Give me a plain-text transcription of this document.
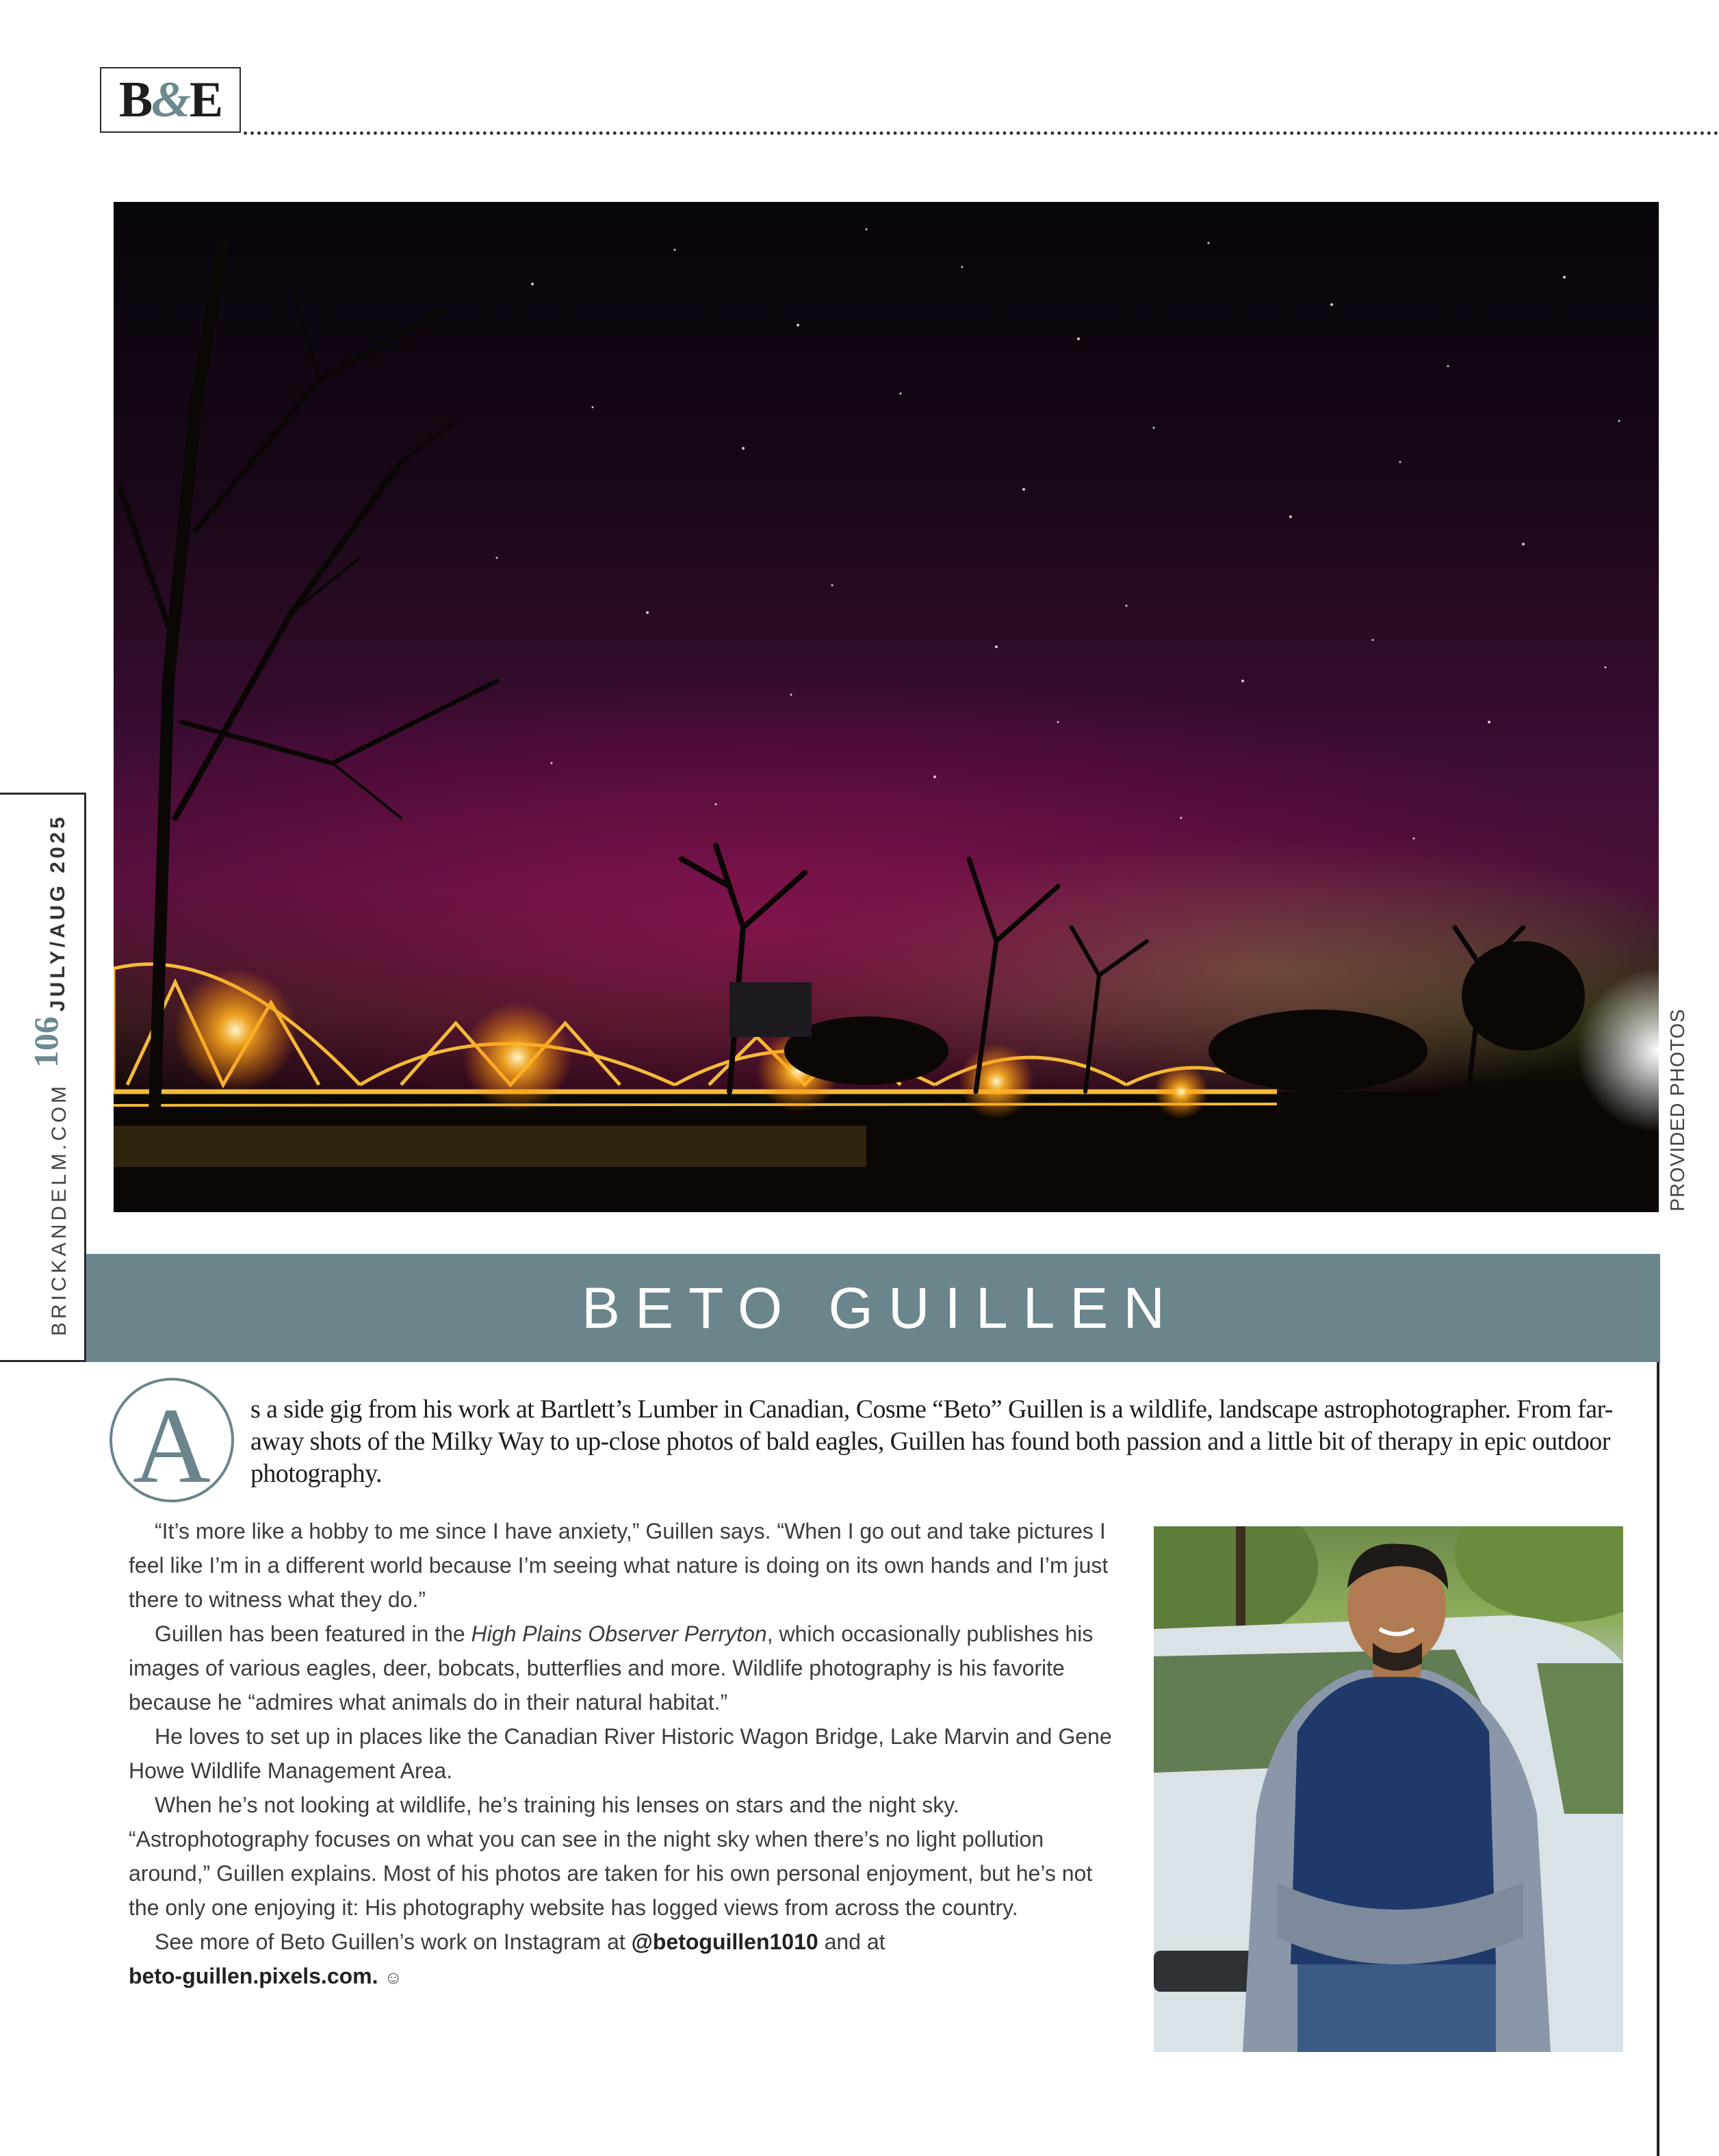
B & E
BRICKANDELM.COM
106
JULY/AUG 2025
PROVIDED PHOTOS
BETO GUILLEN
A s a side gig from his work at Bartlett’s Lumber in Canadian, Cosme “Beto” Guillen is a wildlife, landscape astrophotographer. From far-away shots of the Milky Way to up-close photos of bald eagles, Guillen has found both passion and a little bit of therapy in epic outdoor photography.

“It’s more like a hobby to me since I have anxiety,” Guillen says. “When I go out and take pictures I feel like I’m in a different world because I’m seeing what nature is doing on its own hands and I’m just there to witness what they do.”

Guillen has been featured in the High Plains Observer Perryton, which occasionally publishes his images of various eagles, deer, bobcats, butterflies and more. Wildlife photography is his favorite because he “admires what animals do in their natural habitat.”

He loves to set up in places like the Canadian River Historic Wagon Bridge, Lake Marvin and Gene Howe Wildlife Management Area.

When he’s not looking at wildlife, he’s training his lenses on stars and the night sky. “Astrophotography focuses on what you can see in the night sky when there’s no light pollution around,” Guillen explains. Most of his photos are taken for his own personal enjoyment, but he’s not the only one enjoying it: His photography website has logged views from across the country.

See more of Beto Guillen’s work on Instagram at @betoguillen1010 and at

beto-guillen.pixels.com. ☺
